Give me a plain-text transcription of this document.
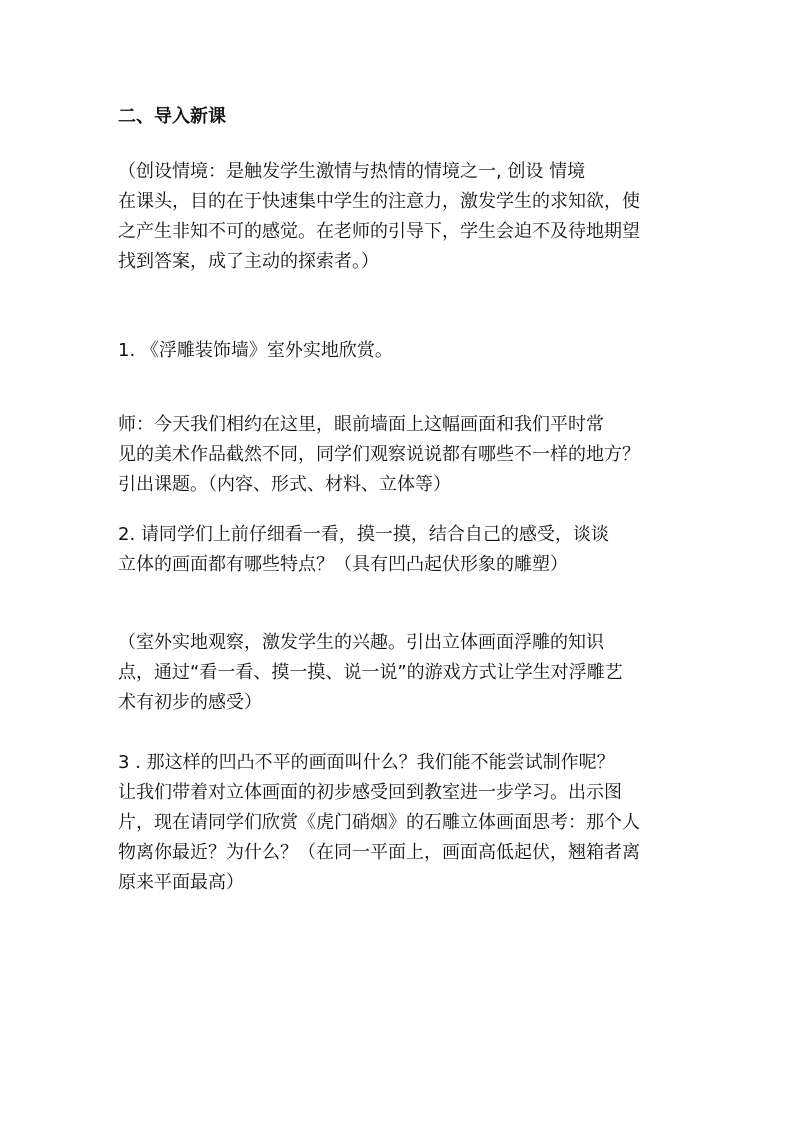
二、导入新课
（创设情境：是触发学生激情与热情的情境之一, 创设 情境
在课头，目的在于快速集中学生的注意力，激发学生的求知欲，使
之产生非知不可的感觉。在老师的引导下，学生会迫不及待地期望
找到答案，成了主动的探索者。）
1. 《浮雕装饰墙》室外实地欣赏。
师：今天我们相约在这里，眼前墙面上这幅画面和我们平时常
见的美术作品截然不同，同学们观察说说都有哪些不一样的地方？
引出课题。（内容、形式、材料、立体等）
2. 请同学们上前仔细看一看，摸一摸，结合自己的感受，谈谈
立体的画面都有哪些特点？（具有凹凸起伏形象的雕塑）
（室外实地观察，激发学生的兴趣。引出立体画面浮雕的知识
点，通过“看一看、摸一摸、说一说”的游戏方式让学生对浮雕艺
术有初步的感受）
3 . 那这样的凹凸不平的画面叫什么？我们能不能尝试制作呢？
让我们带着对立体画面的初步感受回到教室进一步学习。出示图
片，现在请同学们欣赏《虎门硝烟》的石雕立体画面思考：那个人
物离你最近？为什么？（在同一平面上，画面高低起伏，翘箱者离
原来平面最高）
